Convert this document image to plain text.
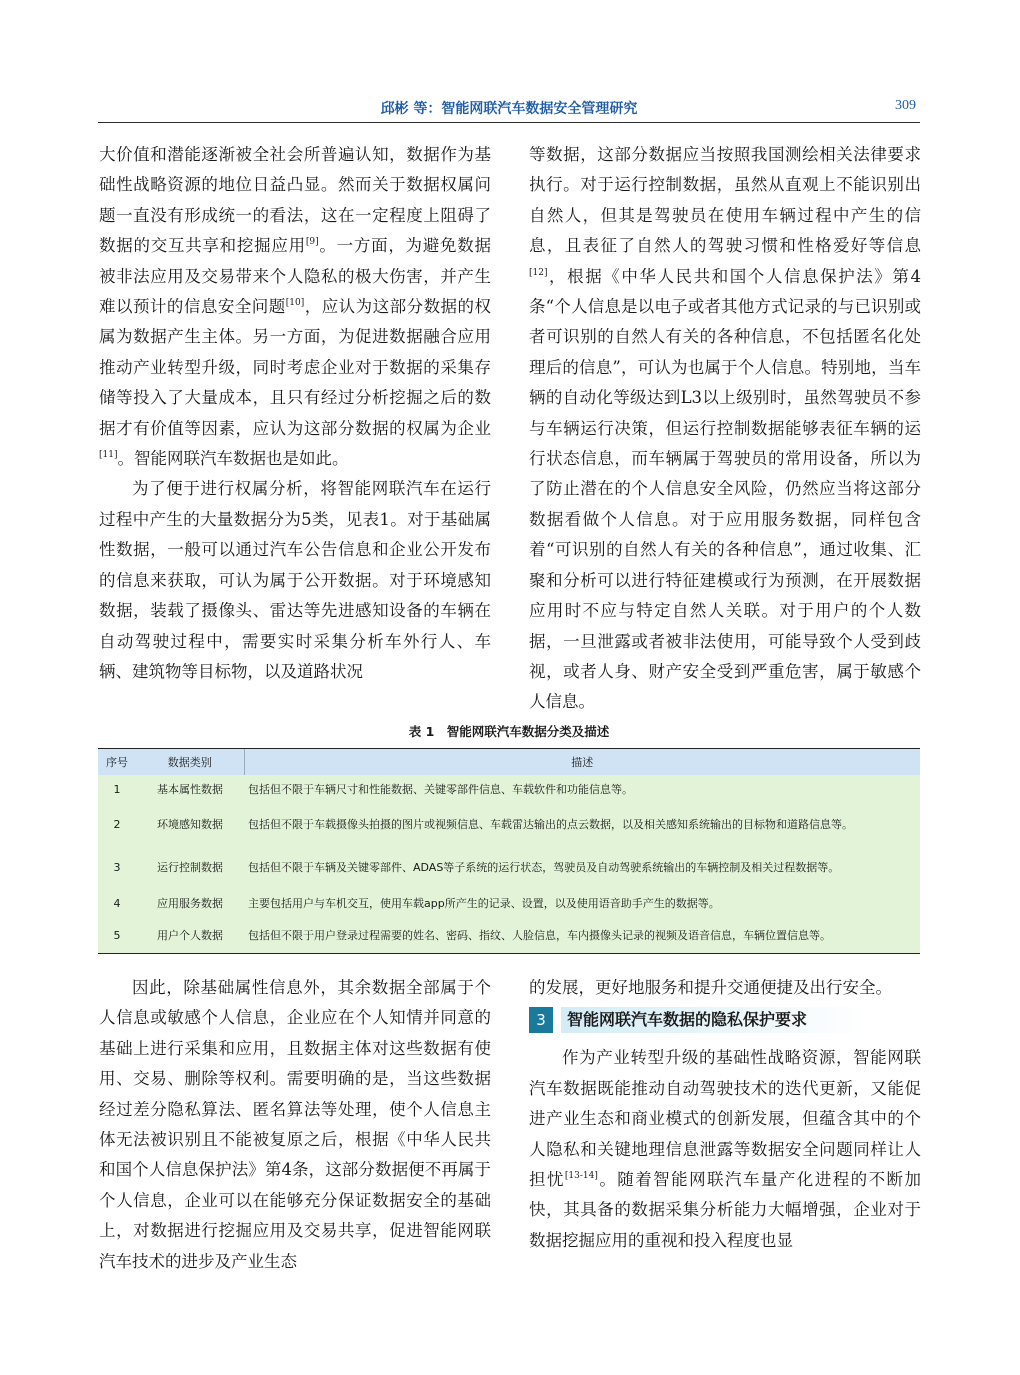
邱彬 等：智能网联汽车数据安全管理研究	309

大价值和潜能逐渐被全社会所普遍认知，数据作为基础性战略资源的地位日益凸显。然而关于数据权属问题一直没有形成统一的看法，这在一定程度上阻碍了数据的交互共享和挖掘应用[9]。一方面，为避免数据被非法应用及交易带来个人隐私的极大伤害，并产生难以预计的信息安全问题[10]，应认为这部分数据的权属为数据产生主体。另一方面，为促进数据融合应用推动产业转型升级，同时考虑企业对于数据的采集存储等投入了大量成本，且只有经过分析挖掘之后的数据才有价值等因素，应认为这部分数据的权属为企业[11]。智能网联汽车数据也是如此。

为了便于进行权属分析，将智能网联汽车在运行过程中产生的大量数据分为5类，见表1。对于基础属性数据，一般可以通过汽车公告信息和企业公开发布的信息来获取，可认为属于公开数据。对于环境感知数据，装载了摄像头、雷达等先进感知设备的车辆在自动驾驶过程中，需要实时采集分析车外行人、车辆、建筑物等目标物，以及道路状况

等数据，这部分数据应当按照我国测绘相关法律要求执行。对于运行控制数据，虽然从直观上不能识别出自然人，但其是驾驶员在使用车辆过程中产生的信息，且表征了自然人的驾驶习惯和性格爱好等信息[12]，根据《中华人民共和国个人信息保护法》第4条“个人信息是以电子或者其他方式记录的与已识别或者可识别的自然人有关的各种信息，不包括匿名化处理后的信息”，可认为也属于个人信息。特别地，当车辆的自动化等级达到L3以上级别时，虽然驾驶员不参与车辆运行决策，但运行控制数据能够表征车辆的运行状态信息，而车辆属于驾驶员的常用设备，所以为了防止潜在的个人信息安全风险，仍然应当将这部分数据看做个人信息。对于应用服务数据，同样包含着“可识别的自然人有关的各种信息”，通过收集、汇聚和分析可以进行特征建模或行为预测，在开展数据应用时不应与特定自然人关联。对于用户的个人数据，一旦泄露或者被非法使用，可能导致个人受到歧视，或者人身、财产安全受到严重危害，属于敏感个人信息。

表 1　智能网联汽车数据分类及描述
序号	数据类别	描述
1	基本属性数据	包括但不限于车辆尺寸和性能数据、关键零部件信息、车载软件和功能信息等。
2	环境感知数据	包括但不限于车载摄像头拍摄的图片或视频信息、车载雷达输出的点云数据，以及相关感知系统输出的目标物和道路信息等。
3	运行控制数据	包括但不限于车辆及关键零部件、ADAS等子系统的运行状态，驾驶员及自动驾驶系统输出的车辆控制及相关过程数据等。
4	应用服务数据	主要包括用户与车机交互，使用车载app所产生的记录、设置，以及使用语音助手产生的数据等。
5	用户个人数据	包括但不限于用户登录过程需要的姓名、密码、指纹、人脸信息，车内摄像头记录的视频及语音信息，车辆位置信息等。

因此，除基础属性信息外，其余数据全部属于个人信息或敏感个人信息，企业应在个人知情并同意的基础上进行采集和应用，且数据主体对这些数据有使用、交易、删除等权利。需要明确的是，当这些数据经过差分隐私算法、匿名算法等处理，使个人信息主体无法被识别且不能被复原之后，根据《中华人民共和国个人信息保护法》第4条，这部分数据便不再属于个人信息，企业可以在能够充分保证数据安全的基础上，对数据进行挖掘应用及交易共享，促进智能网联汽车技术的进步及产业生态

的发展，更好地服务和提升交通便捷及出行安全。

3	智能网联汽车数据的隐私保护要求

作为产业转型升级的基础性战略资源，智能网联汽车数据既能推动自动驾驶技术的迭代更新，又能促进产业生态和商业模式的创新发展，但蕴含其中的个人隐私和关键地理信息泄露等数据安全问题同样让人担忧[13-14]。随着智能网联汽车量产化进程的不断加快，其具备的数据采集分析能力大幅增强，企业对于数据挖掘应用的重视和投入程度也显
